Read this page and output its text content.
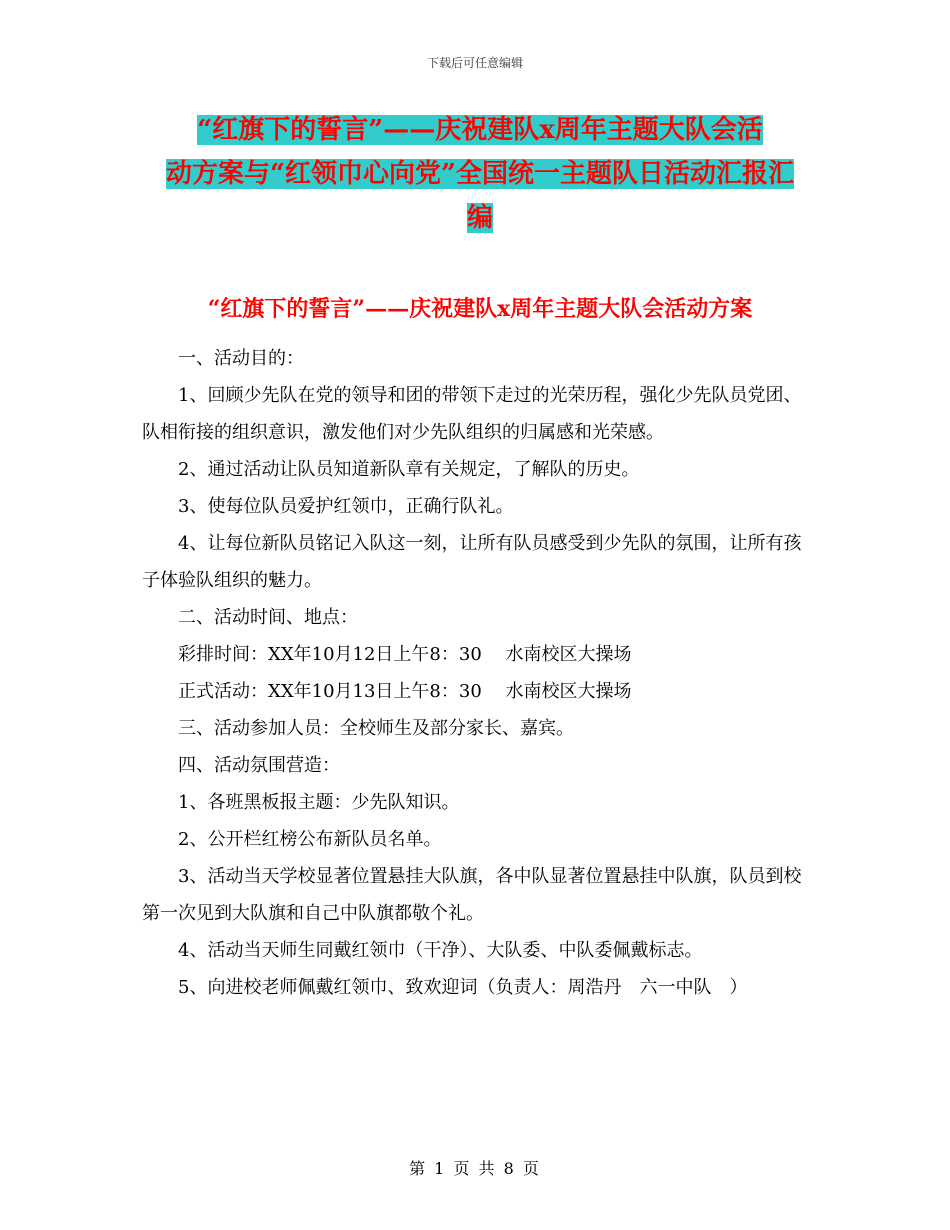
下载后可任意编辑
“红旗下的誓言”——庆祝建队x周年主题大队会活
动方案与“红领巾心向党”全国统一主题队日活动汇报汇
编
“红旗下的誓言”——庆祝建队x周年主题大队会活动方案

一、活动目的：

1、回顾少先队在党的领导和团的带领下走过的光荣历程，强化少先队员党团、队相衔接的组织意识，激发他们对少先队组织的归属感和光荣感。

2、通过活动让队员知道新队章有关规定，了解队的历史。

3、使每位队员爱护红领巾，正确行队礼。

4、让每位新队员铭记入队这一刻，让所有队员感受到少先队的氛围，让所有孩子体验队组织的魅力。

二、活动时间、地点：

彩排时间：XX年10月12日上午8：30　 水南校区大操场

正式活动：XX年10月13日上午8：30　 水南校区大操场

三、活动参加人员：全校师生及部分家长、嘉宾。

四、活动氛围营造：

1、各班黑板报主题：少先队知识。

2、公开栏红榜公布新队员名单。

3、活动当天学校显著位置悬挂大队旗，各中队显著位置悬挂中队旗，队员到校第一次见到大队旗和自己中队旗都敬个礼。

4、活动当天师生同戴红领巾（干净）、大队委、中队委佩戴标志。

5、向进校老师佩戴红领巾、致欢迎词（负责人：周浩丹　六一中队　）

第 1 页 共 8 页
